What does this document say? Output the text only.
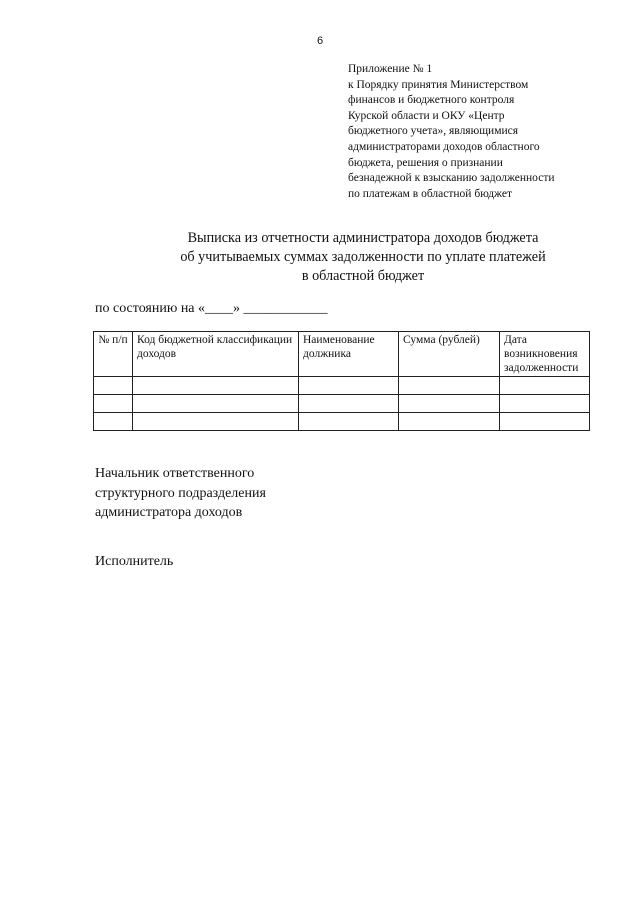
6
Приложение № 1
к Порядку принятия Министерством
финансов и бюджетного контроля
Курской области и ОКУ «Центр
бюджетного учета», являющимися
администраторами доходов областного
бюджета, решения о признании
безнадежной к взысканию задолженности
по платежам в областной бюджет
Выписка из отчетности администратора доходов бюджета
об учитываемых суммах задолженности по уплате платежей
в областной бюджет
по состоянию на «____» ____________
№ п/п	Код бюджетной классификации доходов	Наименование должника	Сумма (рублей)	Дата возникновения задолженности

Начальник ответственного
структурного подразделения
администратора доходов
Исполнитель
